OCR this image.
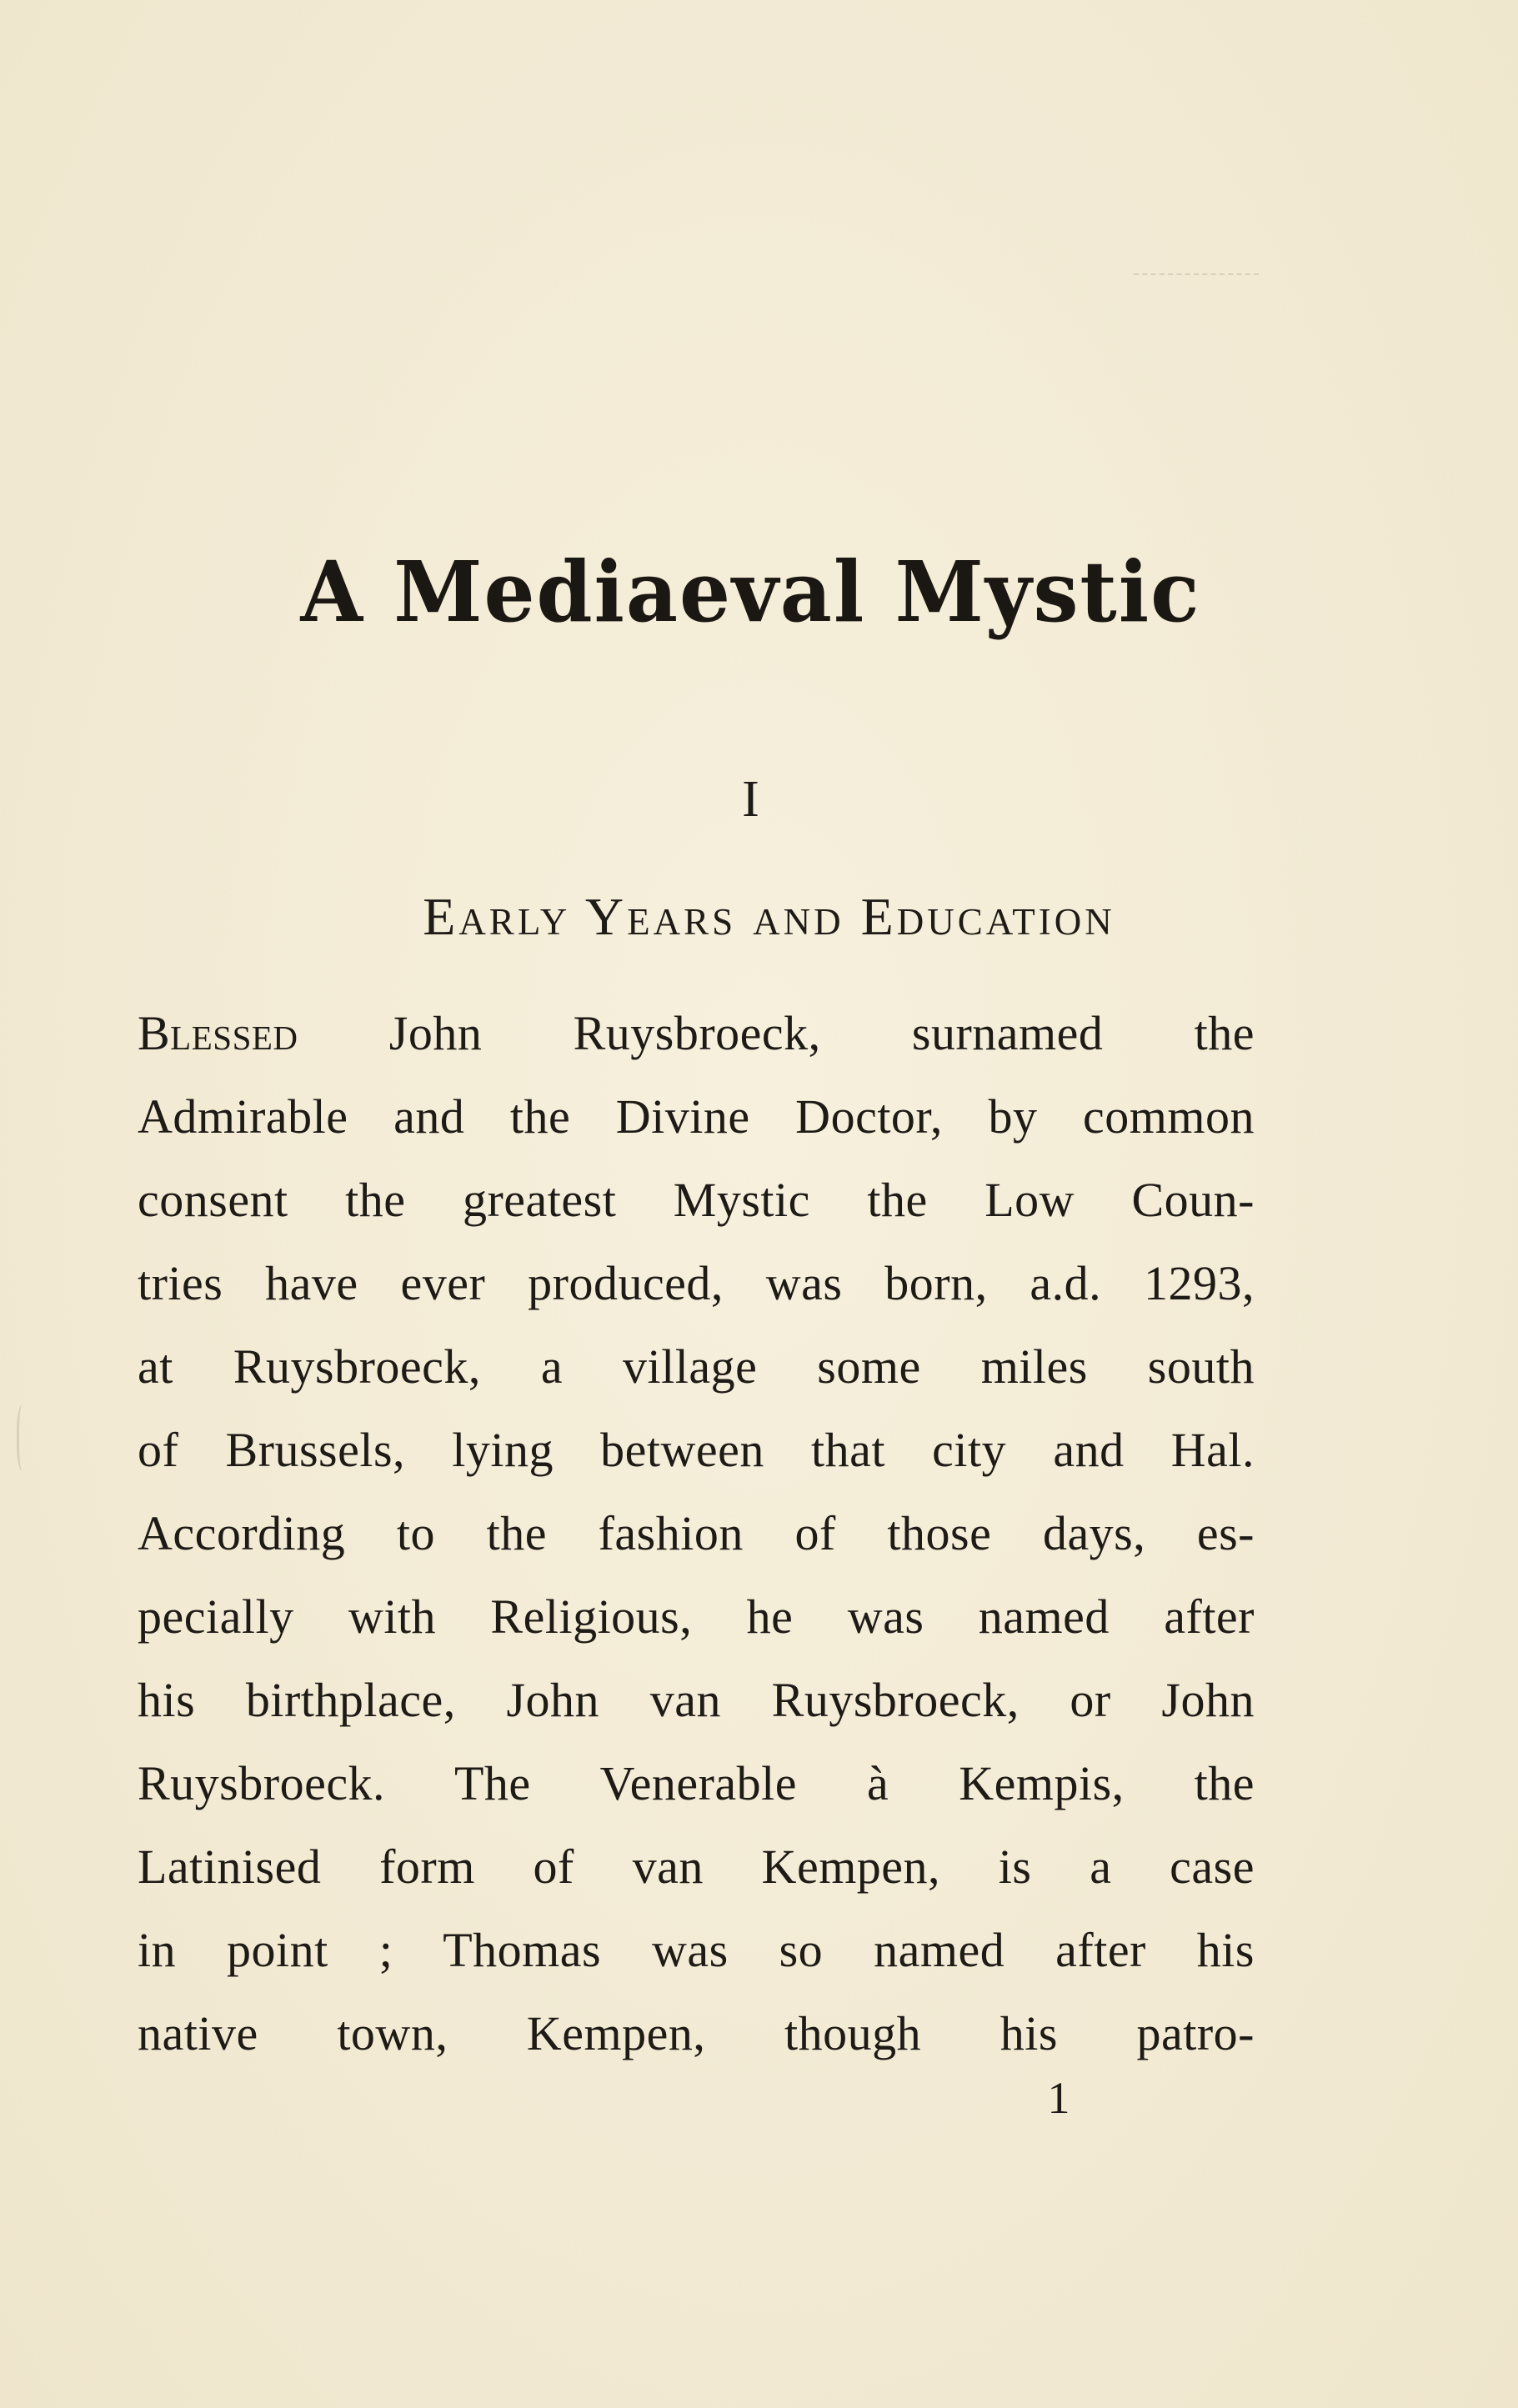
A Mediaeval Mystic
I
Early Years and Education
Blessed John Ruysbroeck, surnamed the
Admirable and the Divine Doctor, by common
consent the greatest Mystic the Low Coun-
tries have ever produced, was born, a.d. 1293,
at Ruysbroeck, a village some miles south
of Brussels, lying between that city and Hal.
According to the fashion of those days, es-
pecially with Religious, he was named after
his birthplace, John van Ruysbroeck, or John
Ruysbroeck. The Venerable à Kempis, the
Latinised form of van Kempen, is a case
in point ; Thomas was so named after his
native town, Kempen, though his patro-
1
